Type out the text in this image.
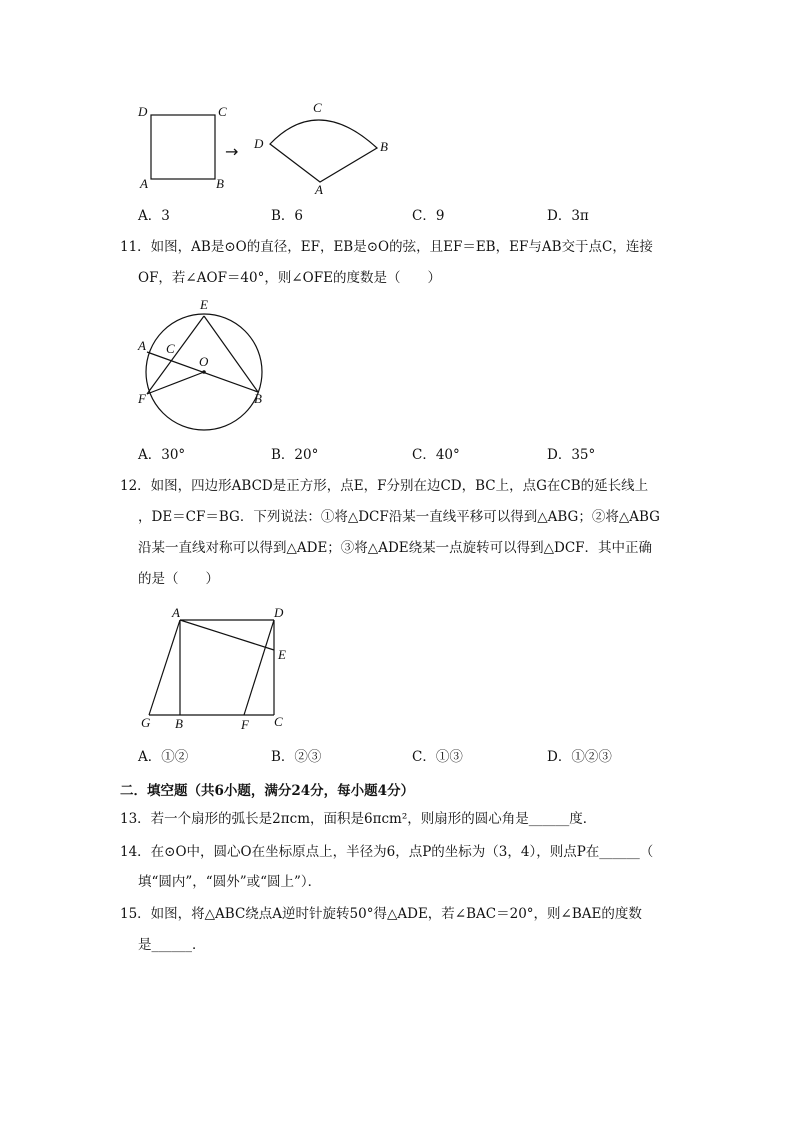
D	C
A	B
→ D
C
B
A
A．3	B．6	C．9	D．3π
11．如图，AB是⊙O的直径，EF，EB是⊙O的弦，且EF＝EB，EF与AB交于点C，连接
OF，若∠AOF＝40°，则∠OFE的度数是（　　）
E
A C
O
F	B
A．30°	B．20°	C．40°	D．35°
12．如图，四边形ABCD是正方形，点E，F分别在边CD，BC上，点G在CB的延长线上
，DE＝CF＝BG．下列说法：①将△DCF沿某一直线平移可以得到△ABG；②将△ABG
沿某一直线对称可以得到△ADE；③将△ADE绕某一点旋转可以得到△DCF．其中正确
的是（　　）
A	D
E
G B	F C
A．①②	B．②③	C．①③	D．①②③
二．填空题（共6小题，满分24分，每小题4分）
13．若一个扇形的弧长是2πcm，面积是6πcm²，则扇形的圆心角是______度．
14．在⊙O中，圆心O在坐标原点上，半径为6，点P的坐标为（3，4），则点P在______（
填“圆内”，“圆外”或“圆上”）．
15．如图，将△ABC绕点A逆时针旋转50°得△ADE，若∠BAC＝20°，则∠BAE的度数
是______．
